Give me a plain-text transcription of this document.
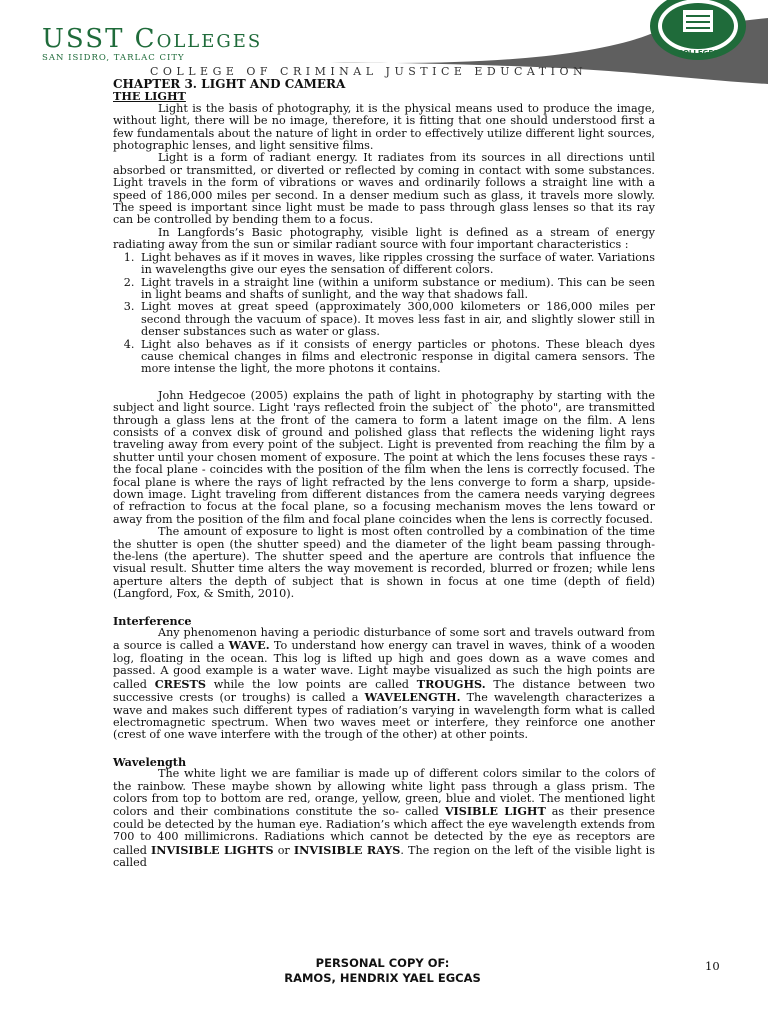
USST Colleges
SAN ISIDRO, TARLAC CITY
COLLEGE OF CRIMINAL JUSTICE EDUCATION
COLLEGES

CHAPTER 3. LIGHT AND CAMERA

THE LIGHT

Light is the basis of photography, it is the physical means used to produce the image, without light, there will be no image, therefore, it is fitting that one should understood first a few fundamentals about the nature of light in order to effectively utilize different light sources, photographic lenses, and light sensitive films.

Light is a form of radiant energy. It radiates from its sources in all directions until absorbed or transmitted, or diverted or reflected by coming in contact with some substances. Light travels in the form of vibrations or waves and ordinarily follows a straight line with a speed of 186,000 miles per second. In a denser medium such as glass, it travels more slowly. The speed is important since light must be made to pass through glass lenses so that its ray can be controlled by bending them to a focus.

In Langfords’s Basic photography, visible light is defined as a stream of energy radiating away from the sun or similar radiant source with four important characteristics :

1. Light behaves as if it moves in waves, like ripples crossing the surface of water. Variations in wavelengths give our eyes the sensation of different colors.
2. Light travels in a straight line (within a uniform substance or medium). This can be seen in light beams and shafts of sunlight, and the way that shadows fall.
3. Light moves at great speed (approximately 300,000 kilometers or 186,000 miles per second through the vacuum of space). It moves less fast in air, and slightly slower still in denser substances such as water or glass.
4. Light also behaves as if it consists of energy particles or photons. These bleach dyes cause chemical changes in films and electronic response in digital camera sensors. The more intense the light, the more photons it contains.

John Hedgecoe (2005) explains the path of light in photography by starting with the subject and light source. Light 'rays reflected froin the subject of` the photo", are transmitted through a glass lens at the front of the camera to form a latent image on the film. A lens consists of a convex disk of ground and polished glass that reflects the widening light rays traveling away from every point of the subject. Light is prevented from reaching the film by a shutter until your chosen moment of exposure. The point at which the lens focuses these rays -the focal plane - coincides with the position of the film when the lens is correctly focused. The focal plane is where the rays of light refracted by the lens converge to form a sharp, upside-down image. Light traveling from different distances from the camera needs varying degrees of refraction to focus at the focal plane, so a focusing mechanism moves the lens toward or away from the position of the film and focal plane coincides when the lens is correctly focused.

The amount of exposure to light is most often controlled by a combination of the time the shutter is open (the shutter speed) and the diameter of the light beam passing through-the-lens (the aperture). The shutter speed and the aperture are controls that influence the visual result. Shutter time alters the way movement is recorded, blurred or frozen; while lens aperture alters the depth of subject that is shown in focus at one time (depth of field) (Langford, Fox, & Smith, 2010).

Interference

Any phenomenon having a periodic disturbance of some sort and travels outward from a source is called a WAVE. To understand how energy can travel in waves, think of a wooden log, floating in the ocean. This log is lifted up high and goes down as a wave comes and passed. A good example is a water wave. Light maybe visualized as such the high points are called CRESTS while the low points are called TROUGHS. The distance between two successive crests (or troughs) is called a WAVELENGTH. The wavelength characterizes a wave and makes such different types of radiation’s varying in wavelength form what is called electromagnetic spectrum. When two waves meet or interfere, they reinforce one another (crest of one wave interfere with the trough of the other) at other points.

Wavelength

The white light we are familiar is made up of different colors similar to the colors of the rainbow. These maybe shown by allowing white light pass through a glass prism. The colors from top to bottom are red, orange, yellow, green, blue and violet. The mentioned light colors and their combinations constitute the so- called VISIBLE LIGHT as their presence could be detected by the human eye. Radiation’s which affect the eye wavelength extends from 700 to 400 millimicrons. Radiations which cannot be detected by the eye as receptors are called INVISIBLE LIGHTS or INVISIBLE RAYS. The region on the left of the visible light is called

PERSONAL COPY OF:
RAMOS, HENDRIX YAEL EGCAS
10
